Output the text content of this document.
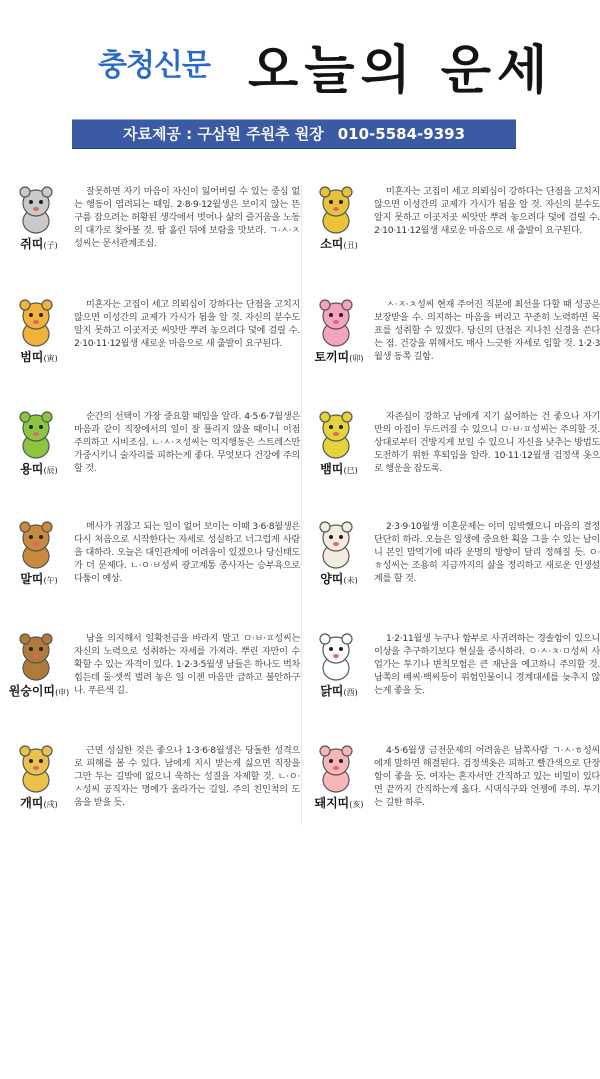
충청신문 오늘의 운세
자료제공 : 구삼원 주원추 원장 010-5584-9393
쥐띠(子)
잘못하면 자기 마음이 자신이 잃어버릴 수 있는 중심 없는 행동이 염려되는 때임. 2·8·9·12월생은 보이지 않는 뜬구름 잡으려는 허황된 생각에서 벗어나 삶의 즐거움을 노동의 대가로 찾아볼 것. 땀 흘린 뒤에 보람을 맛보라. ㄱ·ㅅ·ㅈ성씨는 문서관계조심.	소띠(丑)
미혼자는 고집이 세고 의뢰심이 강하다는 단점을 고치지 않으면 이성간의 교제가 가시가 됨을 알 것. 자신의 분수도 알지 못하고 이곳저곳 씨앗만 뿌려 놓으려다 덫에 걸릴 수. 2·10·11·12월생 새로운 마음으로 새 출발이 요구된다.
범띠(寅)
미혼자는 고집이 세고 의뢰심이 강하다는 단점을 고치지 않으면 이성간의 교제가 가시가 됨을 알 것. 자신의 분수도 알지 못하고 이곳저곳 씨앗만 뿌려 놓으려다 덫에 걸릴 수. 2·10·11·12월생 새로운 마음으로 새 출발이 요구된다.
토끼띠(卯)
ㅅ·ㅈ·ㅊ성씨 현재 주어진 직분에 최선을 다할 때 성공은 보장받을 수. 의지하는 마음을 버리고 꾸준히 노력하면 목표를 성취할 수 있겠다. 당신의 단점은 지나친 신경을 쓴다는 점. 건강을 위해서도 매사 느긋한 자세로 임할 것. 1·2·3월생 동쪽 길함.
용띠(辰)
순간의 선택이 가장 중요할 때임을 알라. 4·5·6·7월생은 마음과 같이 직장에서의 일이 잘 풀리지 않을 때이니 이점 주의하고 시비조심. ㄴ·ㅅ·ㅈ성씨는 억지행동은 스트레스만 가중시키니 술자리를 피하는게 좋다. 무엇보다 건강에 주의할 것.	뱀띠(巳)
자존심이 강하고 남에게 지기 싫어하는 건 좋으나 자기만의 아집이 두드러질 수 있으니 ㅁ·ㅂ·ㅍ성씨는 주의할 것. 상대로부터 건방지게 보일 수 있으니 자신을 낮추는 방법도 도전하기 위한 후퇴임을 알라. 10·11·12월생 검정색 옷으로 행운을 잡도록.
말띠(午)
매사가 귀찮고 되는 일이 없어 보이는 이때 3·6·8월생은 다시 처음으로 시작한다는 자세로 성실하고 너그럽게 사람을 대하라. 오늘은 대인관계에 어려움이 있겠으나 당신태도가 더 문제다. ㄴ·ㅇ·ㅂ성씨 광고계통 종사자는 승부욕으로 다툼이 예상.	양띠(未)
2·3·9·10월생 이혼문제는 이미 임박했으니 마음의 결정 단단히 하라. 오늘은 일생에 중요한 획을 그을 수 있는 날이니 본인 맘먹기에 따라 운명의 방향이 달리 정해질 듯. ㅇ·ㅎ성씨는 조용히 지금까지의 삶을 정리하고 새로운 인생설계를 할 것.
원숭이띠(申)
남을 의지해서 일확천금을 바라지 말고 ㅁ·ㅂ·ㅍ성씨는 자신의 노력으로 성취하는 자세를 가져라. 뿌린 자만이 수확할 수 있는 자격이 있다. 1·2·3·5월생 남들은 하나도 벅차 힘든데 둘·셋씩 벌려 놓은 일 이젠 마음만 급하고 불안하구나. 푸른색 길.	닭띠(酉)
1·2·11월생 누구나 함부로 사귀려하는 경솔함이 있으니 이상을 추구하기보다 현실을 중시하라. ㅇ·ㅅ·ㅊ·ㅁ성씨 사업가는 투기나 변칙모험은 큰 재난을 예고하니 주의할 것. 남쪽의 배씨·백씨등이 위험인물이니 경계대세를 늦추지 않는게 좋을 듯.
개띠(戌)
근면 성실한 것은 좋으나 1·3·6·8월생은 당돌한 성격으로 피해를 볼 수 있다. 남에게 지시 받는게 싫으면 직장을 그만 두는 길밖에 없으니 욱하는 성질을 자제할 것. ㄴ·ㅇ·ㅅ성씨 공직자는 명예가 올라가는 길일. 주의 친인척의 도움을 받을 듯.	돼지띠(亥)
4·5·6월생 금전문제의 어려움은 남쪽사람 ㄱ·ㅅ·ㅎ성씨에게 말하면 해결된다. 검정색옷은 피하고 빨간색으로 단장함이 좋을 듯. 여자는 혼자서만 간직하고 있는 비밀이 있다면 끝까지 간직하는게 옳다. 시댁식구와 언쟁에 주의. 투기는 길한 하루.
